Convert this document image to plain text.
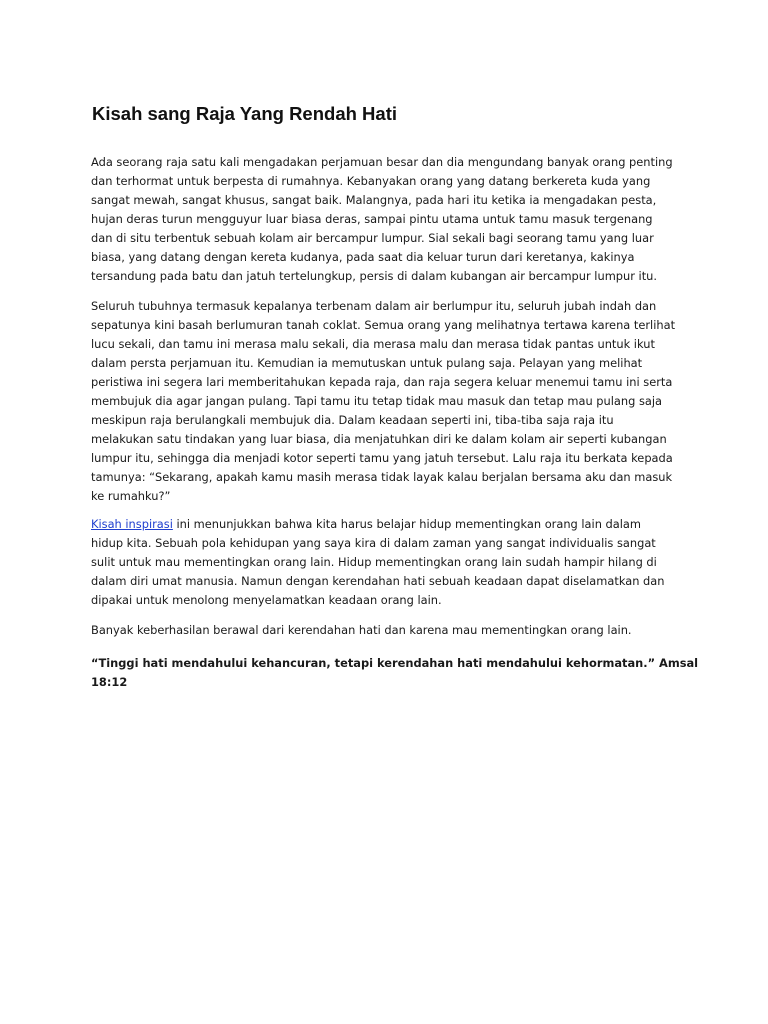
Kisah sang Raja Yang Rendah Hati

Ada seorang raja satu kali mengadakan perjamuan besar dan dia mengundang banyak orang penting
dan terhormat untuk berpesta di rumahnya. Kebanyakan orang yang datang berkereta kuda yang
sangat mewah, sangat khusus, sangat baik. Malangnya, pada hari itu ketika ia mengadakan pesta,
hujan deras turun mengguyur luar biasa deras, sampai pintu utama untuk tamu masuk tergenang
dan di situ terbentuk sebuah kolam air bercampur lumpur. Sial sekali bagi seorang tamu yang luar
biasa, yang datang dengan kereta kudanya, pada saat dia keluar turun dari keretanya, kakinya
tersandung pada batu dan jatuh tertelungkup, persis di dalam kubangan air bercampur lumpur itu.

Seluruh tubuhnya termasuk kepalanya terbenam dalam air berlumpur itu, seluruh jubah indah dan
sepatunya kini basah berlumuran tanah coklat. Semua orang yang melihatnya tertawa karena terlihat
lucu sekali, dan tamu ini merasa malu sekali, dia merasa malu dan merasa tidak pantas untuk ikut
dalam persta perjamuan itu. Kemudian ia memutuskan untuk pulang saja. Pelayan yang melihat
peristiwa ini segera lari memberitahukan kepada raja, dan raja segera keluar menemui tamu ini serta
membujuk dia agar jangan pulang. Tapi tamu itu tetap tidak mau masuk dan tetap mau pulang saja
meskipun raja berulangkali membujuk dia. Dalam keadaan seperti ini, tiba-tiba saja raja itu
melakukan satu tindakan yang luar biasa, dia menjatuhkan diri ke dalam kolam air seperti kubangan
lumpur itu, sehingga dia menjadi kotor seperti tamu yang jatuh tersebut. Lalu raja itu berkata kepada
tamunya: “Sekarang, apakah kamu masih merasa tidak layak kalau berjalan bersama aku dan masuk
ke rumahku?”

Kisah inspirasi ini menunjukkan bahwa kita harus belajar hidup mementingkan orang lain dalam
hidup kita. Sebuah pola kehidupan yang saya kira di dalam zaman yang sangat individualis sangat
sulit untuk mau mementingkan orang lain. Hidup mementingkan orang lain sudah hampir hilang di
dalam diri umat manusia. Namun dengan kerendahan hati sebuah keadaan dapat diselamatkan dan
dipakai untuk menolong menyelamatkan keadaan orang lain.

Banyak keberhasilan berawal dari kerendahan hati dan karena mau mementingkan orang lain.

“Tinggi hati mendahului kehancuran, tetapi kerendahan hati mendahului kehormatan.” Amsal
18:12
